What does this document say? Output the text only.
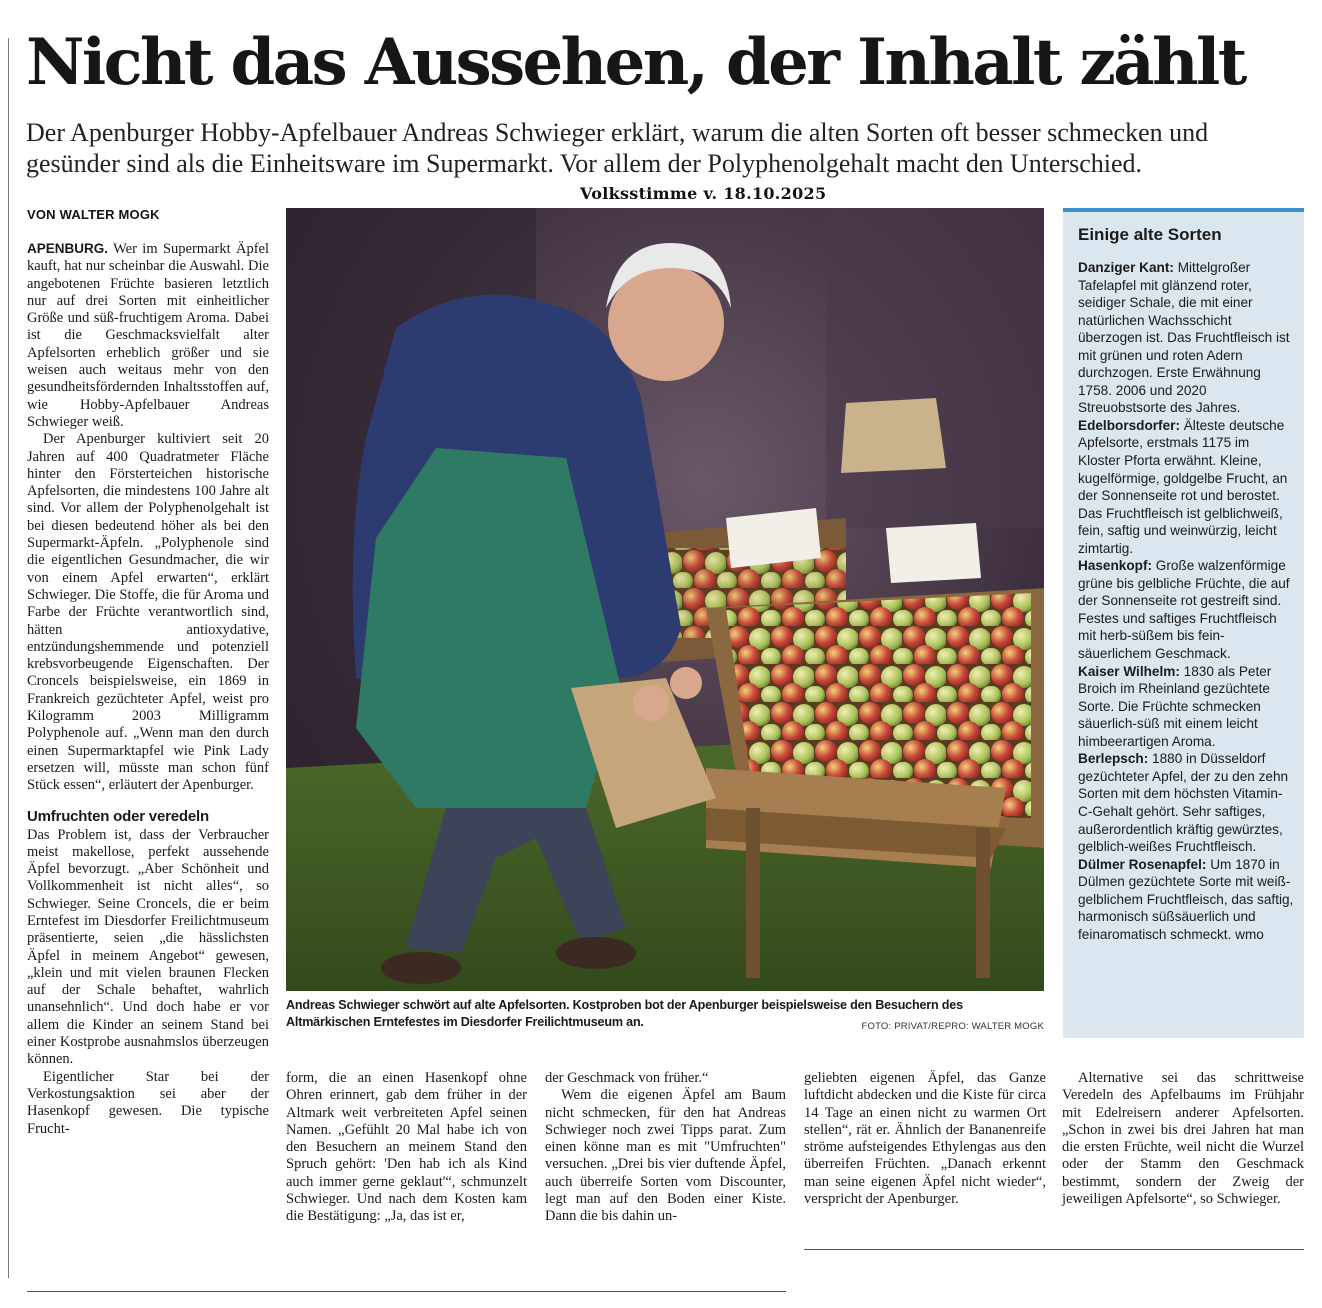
Nicht das Aussehen, der Inhalt zählt

Der Apenburger Hobby-Apfelbauer Andreas Schwieger erklärt, warum die alten Sorten oft besser schmecken und gesünder sind als die Einheitsware im Supermarkt. Vor allem der Polyphenolgehalt macht den Unterschied.

Volksstimme v. 18.10.2025
VON WALTER MOGK

APENBURG. Wer im Supermarkt Äpfel kauft, hat nur scheinbar die Auswahl. Die angebotenen Früchte basieren letztlich nur auf drei Sorten mit einheitlicher Größe und süß-fruchtigem Aroma. Dabei ist die Geschmacksvielfalt alter Apfelsorten erheblich größer und sie weisen auch weitaus mehr von den gesundheitsfördernden Inhaltsstoffen auf, wie Hobby-Apfelbauer Andreas Schwieger weiß.

Der Apenburger kultiviert seit 20 Jahren auf 400 Quadratmeter Fläche hinter den Försterteichen historische Apfelsorten, die mindestens 100 Jahre alt sind. Vor allem der Polyphenolgehalt ist bei diesen bedeutend höher als bei den Supermarkt-Äpfeln. „Polyphenole sind die eigentlichen Gesundmacher, die wir von einem Apfel erwarten“, erklärt Schwieger. Die Stoffe, die für Aroma und Farbe der Früchte verantwortlich sind, hätten antioxydative, entzündungshemmende und potenziell krebsvorbeugende Eigenschaften. Der Croncels beispielsweise, ein 1869 in Frankreich gezüchteter Apfel, weist pro Kilogramm 2003 Milligramm Polyphenole auf. „Wenn man den durch einen Supermarktapfel wie Pink Lady ersetzen will, müsste man schon fünf Stück essen“, erläutert der Apenburger.

Umfruchten oder veredeln

Das Problem ist, dass der Verbraucher meist makellose, perfekt aussehende Äpfel bevorzugt. „Aber Schönheit und Vollkommenheit ist nicht alles“, so Schwieger. Seine Croncels, die er beim Erntefest im Diesdorfer Freilichtmuseum präsentierte, seien „die hässlichsten Äpfel in meinem Angebot“ gewesen, „klein und mit vielen braunen Flecken auf der Schale behaftet, wahrlich unansehnlich“. Und doch habe er vor allem die Kinder an seinem Stand bei einer Kostprobe ausnahmslos überzeugen können.

Eigentlicher Star bei der Verkostungsaktion sei aber der Hasenkopf gewesen. Die typische Frucht-

Andreas Schwieger schwört auf alte Apfelsorten. Kostproben bot der Apenburger beispielsweise den Besuchern des Altmärkischen Erntefestes im Diesdorfer Freilichtmuseum an.	FOTO: PRIVAT/REPRO: WALTER MOGK
Einige alte Sorten

Danziger Kant: Mittelgroßer Tafelapfel mit glänzend roter, seidiger Schale, die mit einer natürlichen Wachsschicht überzogen ist. Das Fruchtfleisch ist mit grünen und roten Adern durchzogen. Erste Erwähnung 1758. 2006 und 2020 Streuobstsorte des Jahres.

Edelborsdorfer: Älteste deutsche Apfelsorte, erstmals 1175 im Kloster Pforta erwähnt. Kleine, kugelförmige, goldgelbe Frucht, an der Sonnenseite rot und berostet. Das Fruchtfleisch ist gelblichweiß, fein, saftig und weinwürzig, leicht zimtartig.

Hasenkopf: Große walzenförmige grüne bis gelbliche Früchte, die auf der Sonnenseite rot gestreift sind. Festes und saftiges Fruchtfleisch mit herb-süßem bis fein-säuerlichem Geschmack.

Kaiser Wilhelm: 1830 als Peter Broich im Rheinland gezüchtete Sorte. Die Früchte schmecken säuerlich-süß mit einem leicht himbeerartigen Aroma.

Berlepsch: 1880 in Düsseldorf gezüchteter Apfel, der zu den zehn Sorten mit dem höchsten Vitamin-C-Gehalt gehört. Sehr saftiges, außerordentlich kräftig gewürztes, gelblich-weißes Fruchtfleisch.

Dülmer Rosenapfel: Um 1870 in Dülmen gezüchtete Sorte mit weiß-gelblichem Fruchtfleisch, das saftig, harmonisch süßsäuerlich und feinaromatisch schmeckt. wmo

form, die an einen Hasenkopf ohne Ohren erinnert, gab dem früher in der Altmark weit verbreiteten Apfel seinen Namen. „Gefühlt 20 Mal habe ich von den Besuchern an meinem Stand den Spruch gehört: 'Den hab ich als Kind auch immer gerne geklaut'“, schmunzelt Schwieger. Und nach dem Kosten kam die Bestätigung: „Ja, das ist er,

der Geschmack von früher.“

Wem die eigenen Äpfel am Baum nicht schmecken, für den hat Andreas Schwieger noch zwei Tipps parat. Zum einen könne man es mit "Umfruchten" versuchen. „Drei bis vier duftende Äpfel, auch überreife Sorten vom Discounter, legt man auf den Boden einer Kiste. Dann die bis dahin un-

geliebten eigenen Äpfel, das Ganze luftdicht abdecken und die Kiste für circa 14 Tage an einen nicht zu warmen Ort stellen“, rät er. Ähnlich der Bananenreife ströme aufsteigendes Ethylengas aus den überreifen Früchten. „Danach erkennt man seine eigenen Äpfel nicht wieder“, verspricht der Apenburger.

Alternative sei das schrittweise Veredeln des Apfelbaums im Frühjahr mit Edelreisern anderer Apfelsorten. „Schon in zwei bis drei Jahren hat man die ersten Früchte, weil nicht die Wurzel oder der Stamm den Geschmack bestimmt, sondern der Zweig der jeweiligen Apfelsorte“, so Schwieger.
